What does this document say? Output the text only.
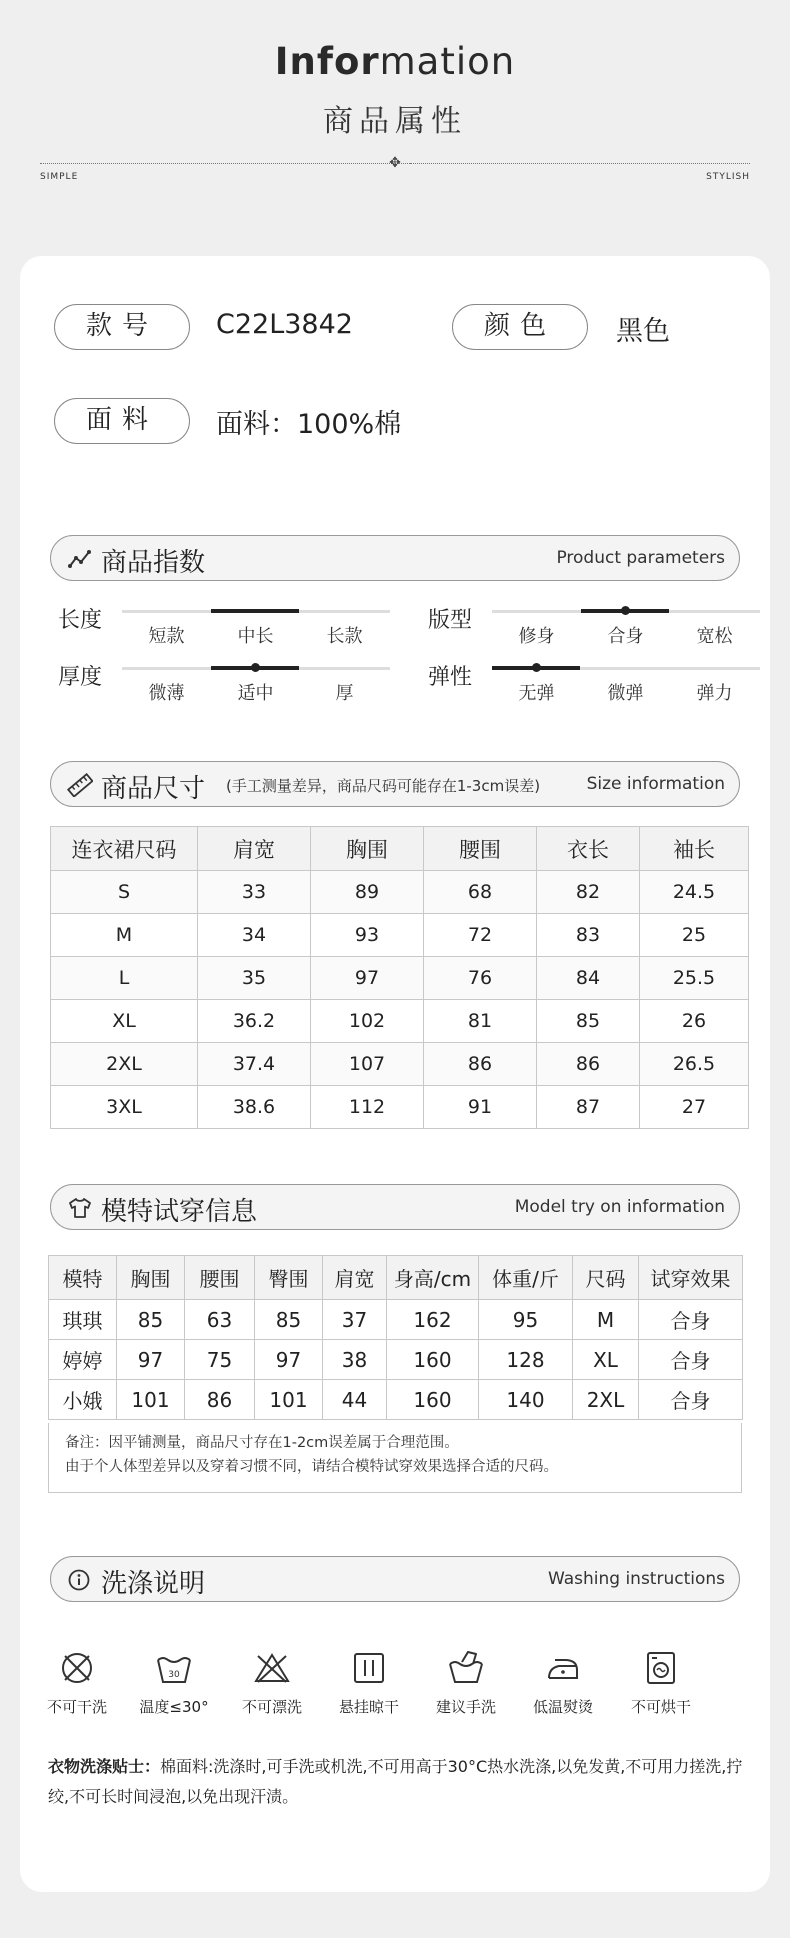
Information
商品属性
✥
SIMPLE	STYLISH
款号	C22L3842	颜色	黑色
面料	面料：100%棉
商品指数	Product parameters
长度
短款	中长	长款
版型
修身	合身	宽松
厚度
微薄	适中	厚
弹性
无弹	微弹	弹力
商品尺寸 (手工测量差异，商品尺码可能存在1-3cm误差)	Size information
连衣裙尺码	肩宽	胸围	腰围	衣长	袖长
S	33	89	68	82	24.5
M	34	93	72	83	25
L	35	97	76	84	25.5
XL	36.2	102	81	85	26
2XL	37.4	107	86	86	26.5
3XL	38.6	112	91	87	27
模特试穿信息	Model try on information
模特	胸围	腰围	臀围	肩宽	身高/cm	体重/斤	尺码	试穿效果
琪琪	85	63	85	37	162	95	M	合身
婷婷	97	75	97	38	160	128	XL	合身
小娥	101	86	101	44	160	140	2XL	合身
备注：因平铺测量，商品尺寸存在1-2cm误差属于合理范围。
由于个人体型差异以及穿着习惯不同，请结合模特试穿效果选择合适的尺码。
洗涤说明	Washing instructions
不可干洗
30
温度≤30°	不可漂洗	悬挂晾干	建议手洗	低温熨烫	不可烘干
衣物洗涤贴士：棉面料:洗涤时,可手洗或机洗,不可用高于30°C热水洗涤,以免发黄,不可用力搓洗,拧绞,不可长时间浸泡,以免出现汗渍。
